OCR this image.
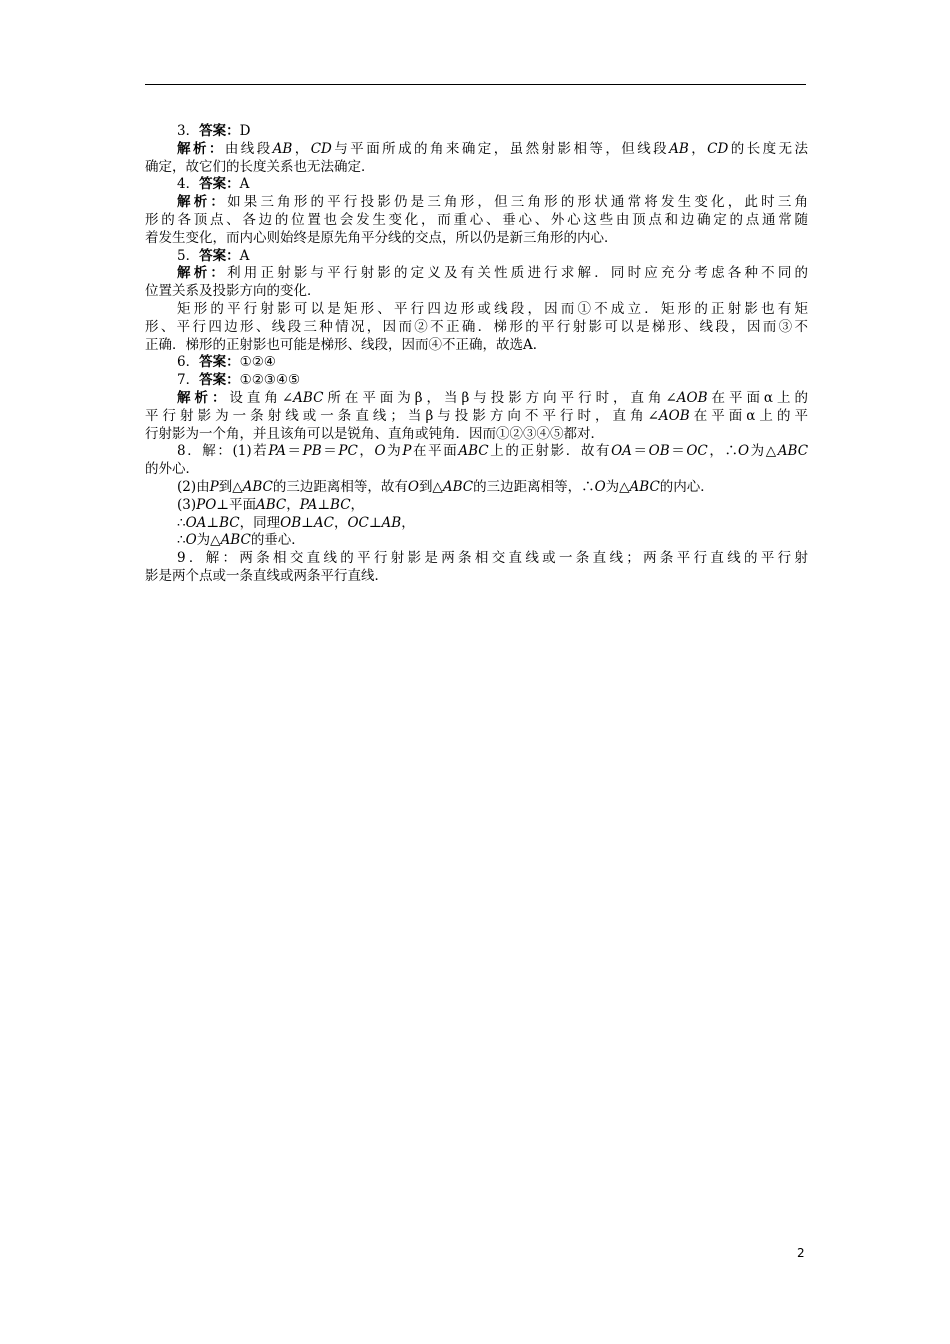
3．答案：D

解析：由线段AB，CD与平面所成的角来确定，虽然射影相等，但线段AB，CD的长度无法

确定，故它们的长度关系也无法确定．

4．答案：A

解析：如果三角形的平行投影仍是三角形，但三角形的形状通常将发生变化，此时三角

形的各顶点、各边的位置也会发生变化，而重心、垂心、外心这些由顶点和边确定的点通常随

着发生变化，而内心则始终是原先角平分线的交点，所以仍是新三角形的内心．

5．答案：A

解析：利用正射影与平行射影的定义及有关性质进行求解．同时应充分考虑各种不同的

位置关系及投影方向的变化．

矩形的平行射影可以是矩形、平行四边形或线段，因而①不成立．矩形的正射影也有矩

形、平行四边形、线段三种情况，因而②不正确．梯形的平行射影可以是梯形、线段，因而③不

正确．梯形的正射影也可能是梯形、线段，因而④不正确，故选A．

6．答案：①②④

7．答案：①②③④⑤

解析：设直角∠ABC所在平面为β，当β与投影方向平行时，直角∠AOB在平面α上的

平行射影为一条射线或一条直线；当β与投影方向不平行时，直角∠AOB在平面α上的平

行射影为一个角，并且该角可以是锐角、直角或钝角．因而①②③④⑤都对．

8．解：(1)若PA＝PB＝PC，O为P在平面ABC上的正射影．故有OA＝OB＝OC，∴O为△ABC

的外心．

(2)由P到△ABC的三边距离相等，故有O到△ABC的三边距离相等，∴O为△ABC的内心．

(3)PO⊥平面ABC，PA⊥BC，

∴OA⊥BC，同理OB⊥AC，OC⊥AB，

∴O为△ABC的垂心．

9．解：两条相交直线的平行射影是两条相交直线或一条直线；两条平行直线的平行射

影是两个点或一条直线或两条平行直线．

2
